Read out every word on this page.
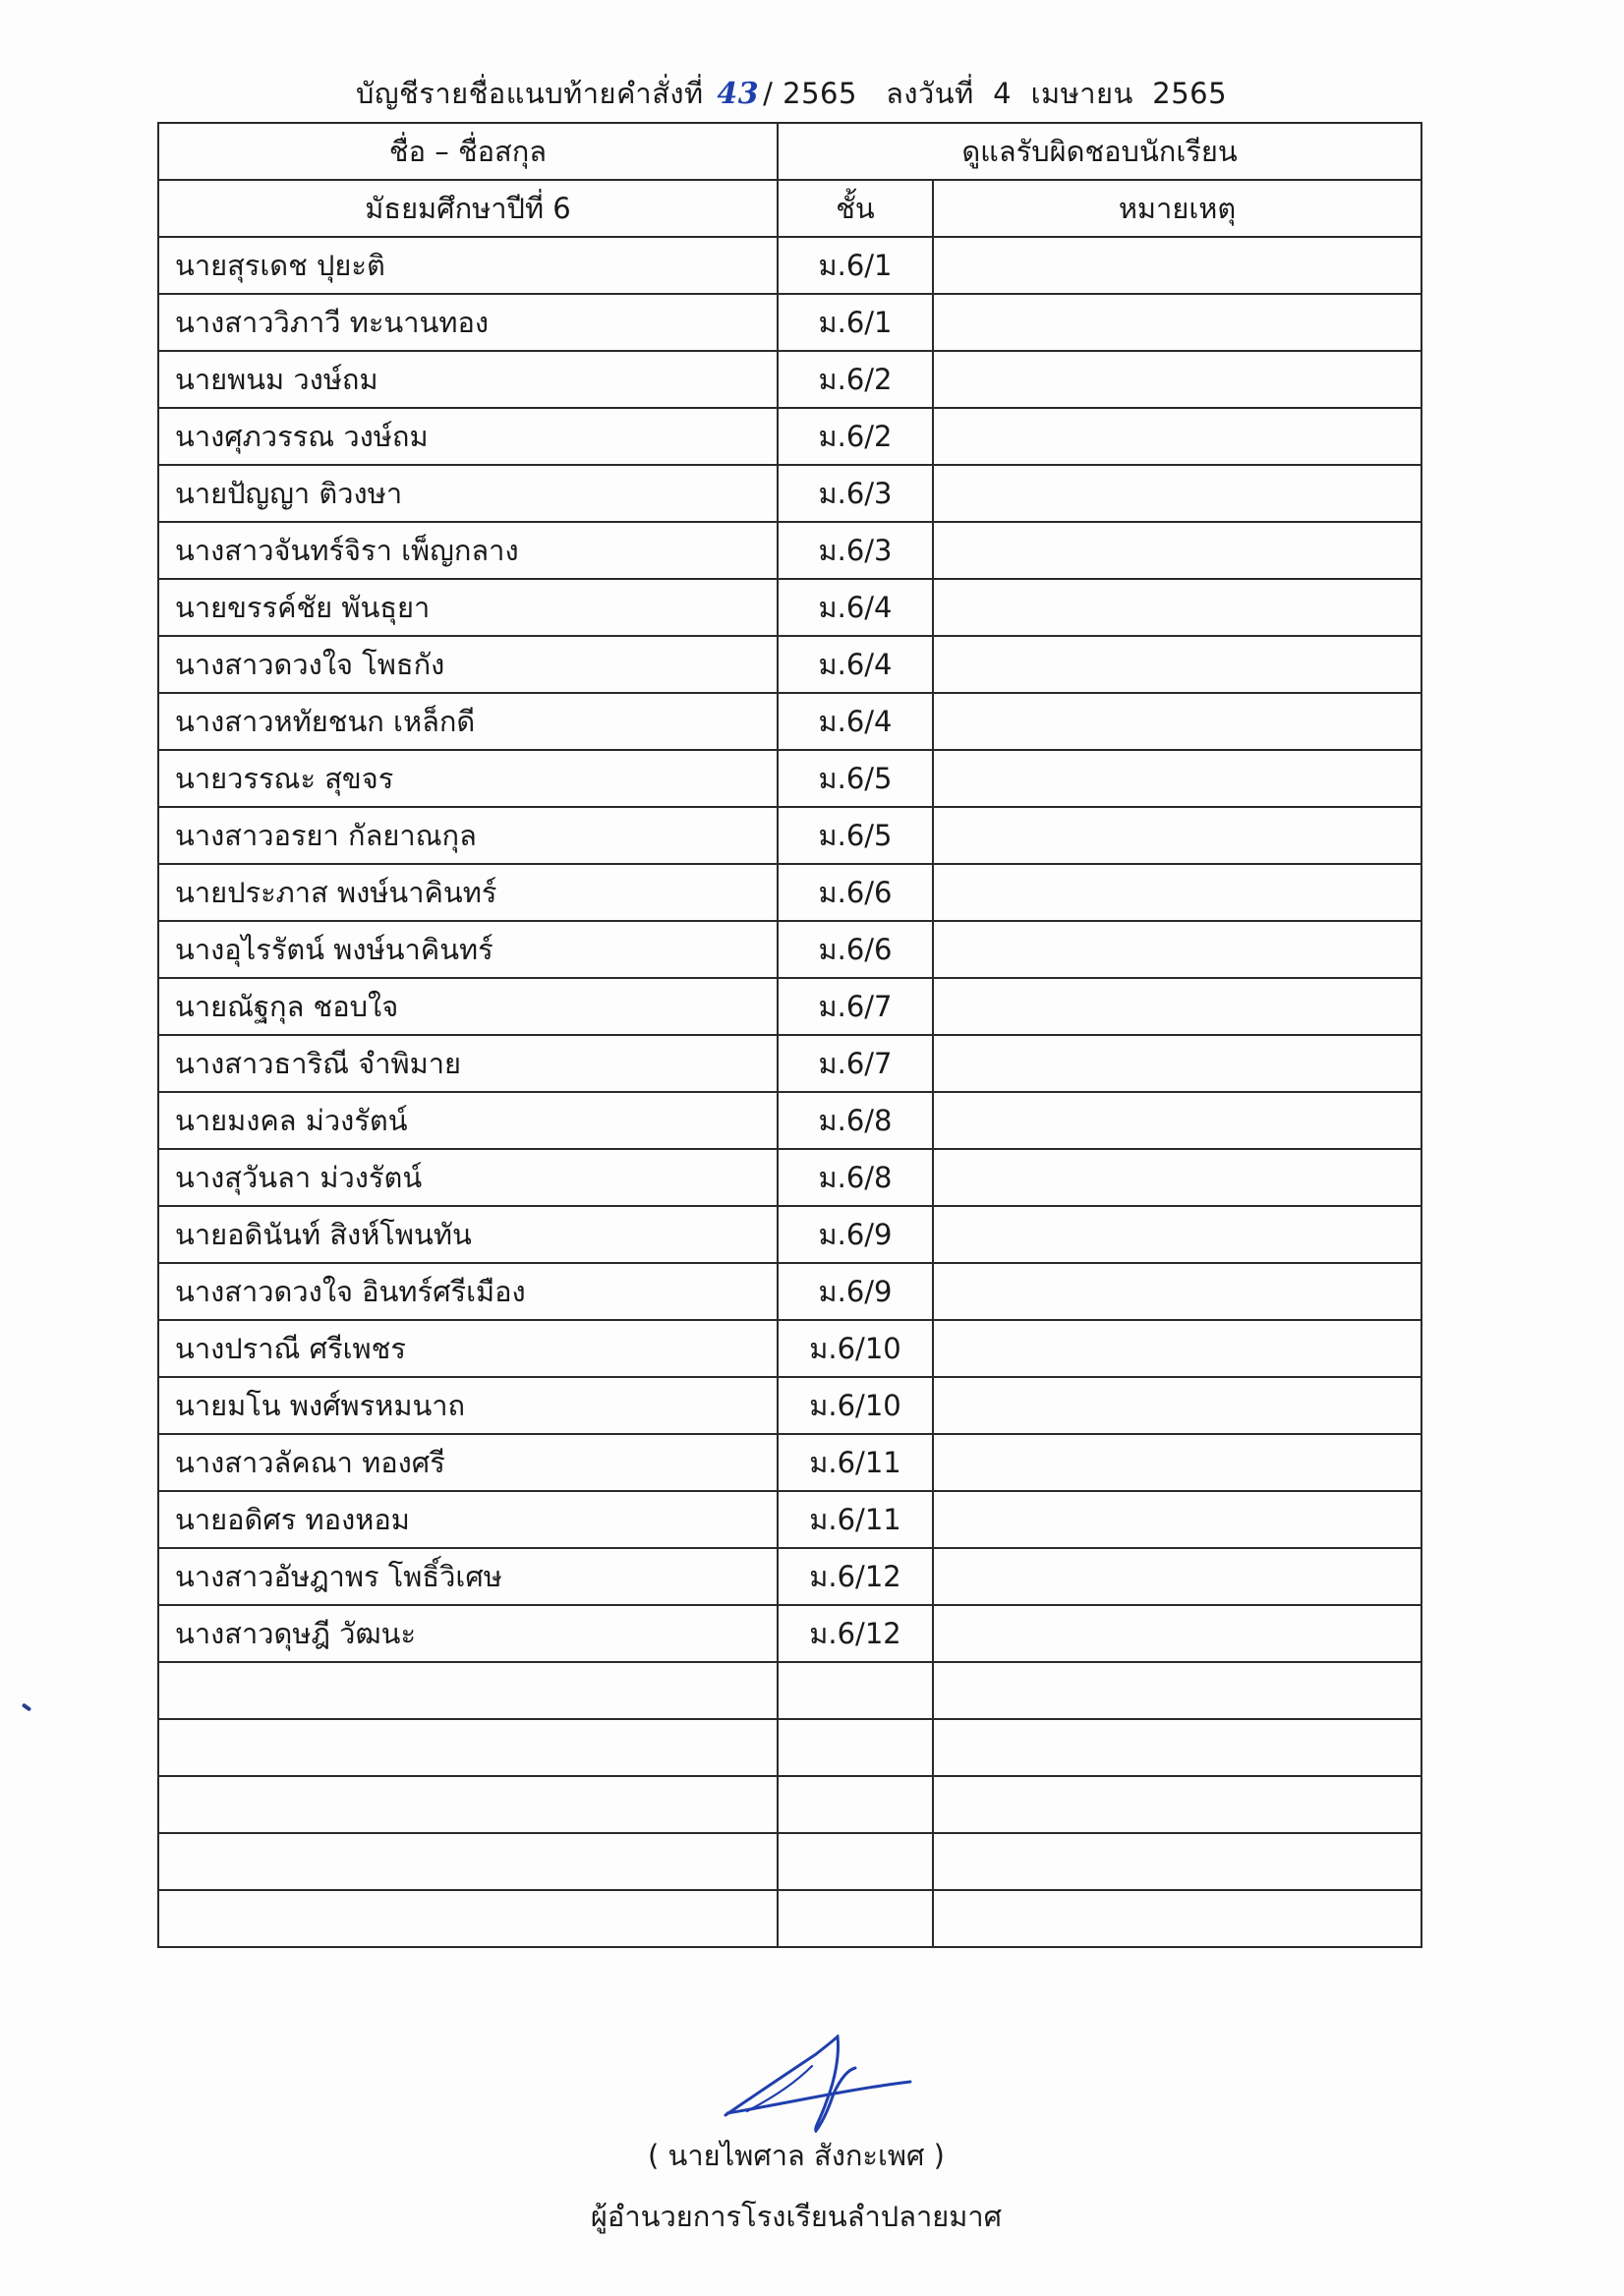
บัญชีรายชื่อแนบท้ายคำสั่งที่ 43 / 2565   ลงวันที่  4  เมษายน  2565
ชื่อ – ชื่อสกุล	ดูแลรับผิดชอบนักเรียน	
มัธยมศึกษาปีที่ 6	ชั้น	หมายเหตุ
นายสุรเดช ปุยะติ	ม.6/1	
นางสาววิภาวี ทะนานทอง	ม.6/1	
นายพนม วงษ์ถม	ม.6/2	
นางศุภวรรณ วงษ์ถม	ม.6/2	
นายปัญญา ติวงษา	ม.6/3	
นางสาวจันทร์จิรา เพ็ญกลาง	ม.6/3	
นายขรรค์ชัย พันธุยา	ม.6/4	
นางสาวดวงใจ โพธกัง	ม.6/4	
นางสาวหทัยชนก เหล็กดี	ม.6/4	
นายวรรณะ สุขจร	ม.6/5	
นางสาวอรยา กัลยาณกุล	ม.6/5	
นายประภาส พงษ์นาคินทร์	ม.6/6	
นางอุไรรัตน์ พงษ์นาคินทร์	ม.6/6	
นายณัฐกุล ชอบใจ	ม.6/7	
นางสาวธาริณี จำพิมาย	ม.6/7	
นายมงคล ม่วงรัตน์	ม.6/8	
นางสุวันลา ม่วงรัตน์	ม.6/8	
นายอดินันท์ สิงห์โพนทัน	ม.6/9	
นางสาวดวงใจ อินทร์ศรีเมือง	ม.6/9	
นางปราณี ศรีเพชร	ม.6/10	
นายมโน พงศ์พรหมนาถ	ม.6/10	
นางสาวลัคณา ทองศรี	ม.6/11	
นายอดิศร ทองหอม	ม.6/11	
นางสาวอัษฎาพร โพธิ์วิเศษ	ม.6/12	
นางสาวดุษฎี วัฒนะ	ม.6/12	

( นายไพศาล สังกะเพศ )
ผู้อำนวยการโรงเรียนลำปลายมาศ
